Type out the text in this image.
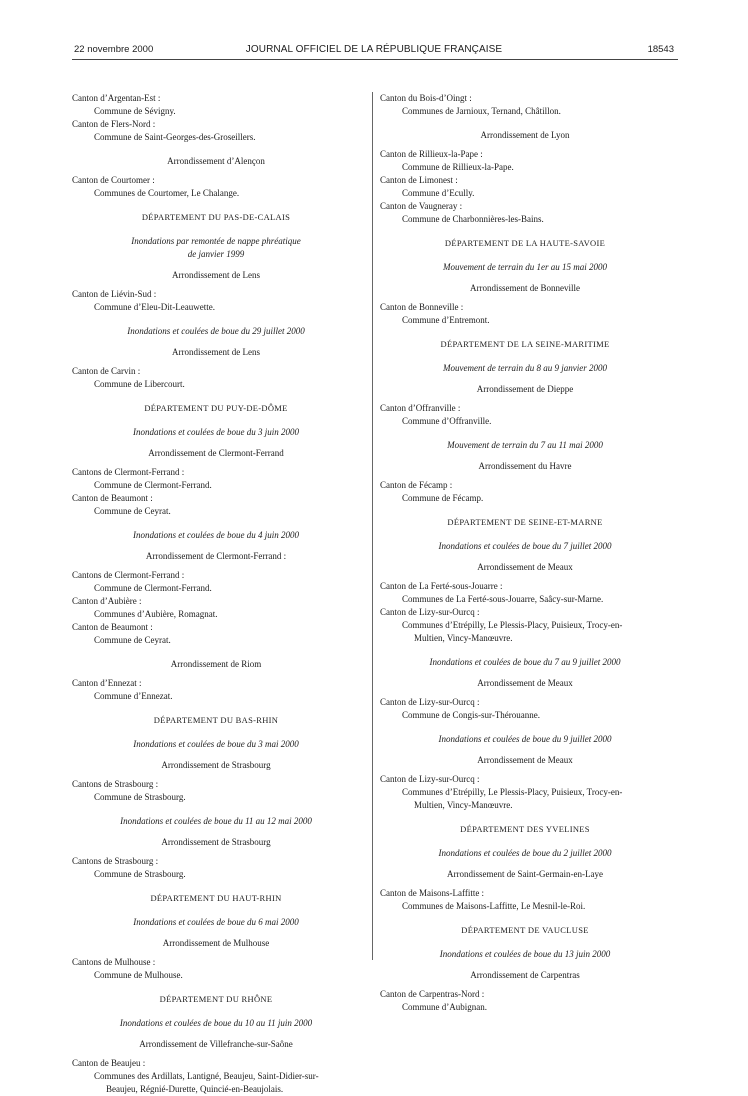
22 novembre 2000	JOURNAL OFFICIEL DE LA RÉPUBLIQUE FRANÇAISE	18543
Canton d’Argentan-Est :
Commune de Sévigny.
Canton de Flers-Nord :
Commune de Saint-Georges-des-Groseillers.
Arrondissement d’Alençon
Canton de Courtomer :
Communes de Courtomer, Le Chalange.
DÉPARTEMENT DU PAS-DE-CALAIS
Inondations par remontée de nappe phréatique
de janvier 1999
Arrondissement de Lens
Canton de Liévin-Sud :
Commune d’Eleu-Dit-Leauwette.
Inondations et coulées de boue du 29 juillet 2000
Arrondissement de Lens
Canton de Carvin :
Commune de Libercourt.
DÉPARTEMENT DU PUY-DE-DÔME
Inondations et coulées de boue du 3 juin 2000
Arrondissement de Clermont-Ferrand
Cantons de Clermont-Ferrand :
Commune de Clermont-Ferrand.
Canton de Beaumont :
Commune de Ceyrat.
Inondations et coulées de boue du 4 juin 2000
Arrondissement de Clermont-Ferrand :
Cantons de Clermont-Ferrand :
Commune de Clermont-Ferrand.
Canton d’Aubière :
Communes d’Aubière, Romagnat.
Canton de Beaumont :
Commune de Ceyrat.
Arrondissement de Riom
Canton d’Ennezat :
Commune d’Ennezat.
DÉPARTEMENT DU BAS-RHIN
Inondations et coulées de boue du 3 mai 2000
Arrondissement de Strasbourg
Cantons de Strasbourg :
Commune de Strasbourg.
Inondations et coulées de boue du 11 au 12 mai 2000
Arrondissement de Strasbourg
Cantons de Strasbourg :
Commune de Strasbourg.
DÉPARTEMENT DU HAUT-RHIN
Inondations et coulées de boue du 6 mai 2000
Arrondissement de Mulhouse
Cantons de Mulhouse :
Commune de Mulhouse.
DÉPARTEMENT DU RHÔNE
Inondations et coulées de boue du 10 au 11 juin 2000
Arrondissement de Villefranche-sur-Saône
Canton de Beaujeu :
Communes des Ardillats, Lantigné, Beaujeu, Saint-Didier-sur-
Beaujeu, Régnié-Durette, Quincié-en-Beaujolais.
Canton du Bois-d’Oingt :
Communes de Jarnioux, Ternand, Châtillon.
Arrondissement de Lyon
Canton de Rillieux-la-Pape :
Commune de Rillieux-la-Pape.
Canton de Limonest :
Commune d’Ecully.
Canton de Vaugneray :
Commune de Charbonnières-les-Bains.
DÉPARTEMENT DE LA HAUTE-SAVOIE
Mouvement de terrain du 1er au 15 mai 2000
Arrondissement de Bonneville
Canton de Bonneville :
Commune d’Entremont.
DÉPARTEMENT DE LA SEINE-MARITIME
Mouvement de terrain du 8 au 9 janvier 2000
Arrondissement de Dieppe
Canton d’Offranville :
Commune d’Offranville.
Mouvement de terrain du 7 au 11 mai 2000
Arrondissement du Havre
Canton de Fécamp :
Commune de Fécamp.
DÉPARTEMENT DE SEINE-ET-MARNE
Inondations et coulées de boue du 7 juillet 2000
Arrondissement de Meaux
Canton de La Ferté-sous-Jouarre :
Communes de La Ferté-sous-Jouarre, Saâcy-sur-Marne.
Canton de Lizy-sur-Ourcq :
Communes d’Etrépilly, Le Plessis-Placy, Puisieux, Trocy-en-
Multien, Vincy-Manœuvre.
Inondations et coulées de boue du 7 au 9 juillet 2000
Arrondissement de Meaux
Canton de Lizy-sur-Ourcq :
Commune de Congis-sur-Thérouanne.
Inondations et coulées de boue du 9 juillet 2000
Arrondissement de Meaux
Canton de Lizy-sur-Ourcq :
Communes d’Etrépilly, Le Plessis-Placy, Puisieux, Trocy-en-
Multien, Vincy-Manœuvre.
DÉPARTEMENT DES YVELINES
Inondations et coulées de boue du 2 juillet 2000
Arrondissement de Saint-Germain-en-Laye
Canton de Maisons-Laffitte :
Communes de Maisons-Laffitte, Le Mesnil-le-Roi.
DÉPARTEMENT DE VAUCLUSE
Inondations et coulées de boue du 13 juin 2000
Arrondissement de Carpentras
Canton de Carpentras-Nord :
Commune d’Aubignan.
